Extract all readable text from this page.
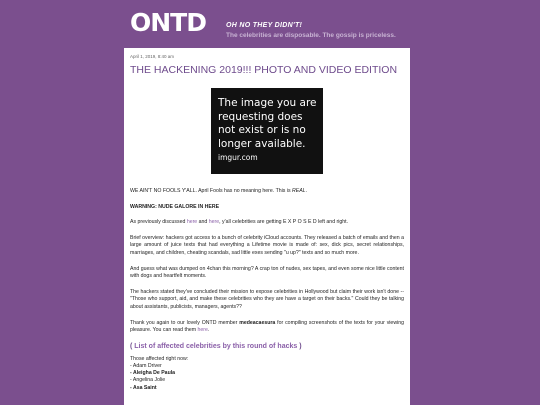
ONTD	OH NO THEY DIDN'T!
The celebrities are disposable. The gossip is priceless.
April 1, 2019, 8:40 am
THE HACKENING 2019!!! PHOTO AND VIDEO EDITION
The image you are requesting does not exist or is no longer available.
imgur.com

WE AIN'T NO FOOLS Y'ALL. April Fools has no meaning here. This is REAL.

WARNING: NUDE GALORE IN HERE

As previously discussed here and here, y'all celebrities are getting E X P O S E D left and right.

Brief overview: hackers got access to a bunch of celebrity iCloud accounts. They released a batch of emails and then a large amount of juice texts that had everything a Lifetime movie is made of: sex, dick pics, secret relationships, marriages, and children, cheating scandals, sad little exes sending "u up?" texts and so much more.

And guess what was dumped on 4chan this morning? A crap ton of nudes, sex tapes, and even some nice little content with dogs and heartfelt moments.

The hackers stated they've concluded their mission to expose celebrities in Hollywood but claim their work isn't done -- "Those who support, aid, and make these celebrities who they are have a target on their backs." Could they be talking about assistants, publicists, managers, agents??

Thank you again to our lovely ONTD member medeacaesura for compiling screenshots of the texts for your viewing pleasure. You can read them here.

( List of affected celebrities by this round of hacks )
Those affected right now:
- Adam Driver
- Aleigha De Paula
- Angelina Jolie
- Asa Saint
